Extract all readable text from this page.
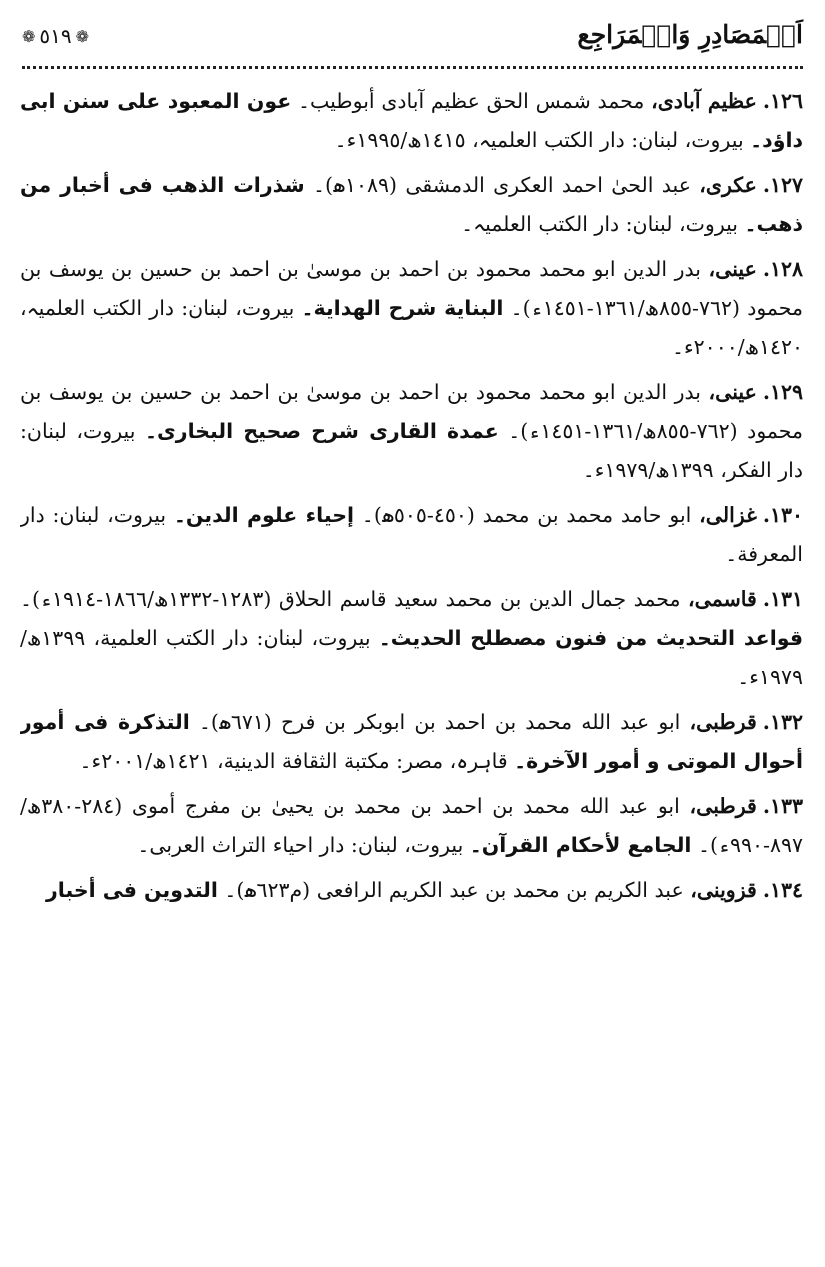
اَلۡمَصَادِرِ وَالۡمَرَاجِع
❁ ٥١٩ ❁

١٢٦.عظیم آبادی، محمد شمس الحق عظیم آبادی أبوطیب۔ عون المعبود علی سنن ابی داؤد۔ بیروت، لبنان: دار الکتب العلمیہ، ١٤١٥ھ/١٩٩٥ء۔

١٢٧.عکری، عبد الحیٰ احمد العکری الدمشقی (١٠٨٩ھ)۔ شذرات الذهب فی أخبار من ذهب۔ بیروت، لبنان: دار الکتب العلمیہ۔

١٢٨.عینی، بدر الدین ابو محمد محمود بن احمد بن موسیٰ بن احمد بن حسین بن یوسف بن محمود (٧٦٢-٨٥٥ھ/١٣٦١-١٤٥١ء)۔ البنایة شرح الهدایة۔ بیروت، لبنان: دار الکتب العلمیہ، ١٤٢٠ھ/٢٠٠٠ء۔

١٢٩.عینی، بدر الدین ابو محمد محمود بن احمد بن موسیٰ بن احمد بن حسین بن یوسف بن محمود (٧٦٢-٨٥٥ھ/١٣٦١-١٤٥١ء)۔ عمدة القاری شرح صحیح البخاری۔ بیروت، لبنان: دار الفکر، ١٣٩٩ھ/١٩٧٩ء۔

١٣٠.غزالی، ابو حامد محمد بن محمد (٤٥٠-٥٠٥ھ)۔ إحیاء علوم الدین۔ بیروت، لبنان: دار المعرفة۔

١٣١.قاسمی، محمد جمال الدین بن محمد سعید قاسم الحلاق (١٢٨٣-١٣٣٢ھ/١٨٦٦-١٩١٤ء)۔ قواعد التحدیث من فنون مصطلح الحدیث۔ بیروت، لبنان: دار الکتب العلمیة، ١٣٩٩ھ/١٩٧٩ء۔

١٣٢.قرطبی، ابو عبد الله محمد بن احمد بن ابوبکر بن فرح (٦٧١ھ)۔ التذکرة فی أمور أحوال الموتی و أمور الآخرة۔ قاہرہ، مصر: مکتبة الثقافة الدینیة، ١٤٢١ھ/٢٠٠١ء۔

١٣٣.قرطبی، ابو عبد الله محمد بن احمد بن محمد بن یحییٰ بن مفرج أموی (٢٨٤-٣٨٠ھ/٨٩٧-٩٩٠ء)۔ الجامع لأحکام القرآن۔ بیروت، لبنان: دار احیاء التراث العربی۔

١٣٤.قزوینی، عبد الکریم بن محمد بن عبد الکریم الرافعی (م٦٢٣ھ)۔ التدوین فی أخبار
